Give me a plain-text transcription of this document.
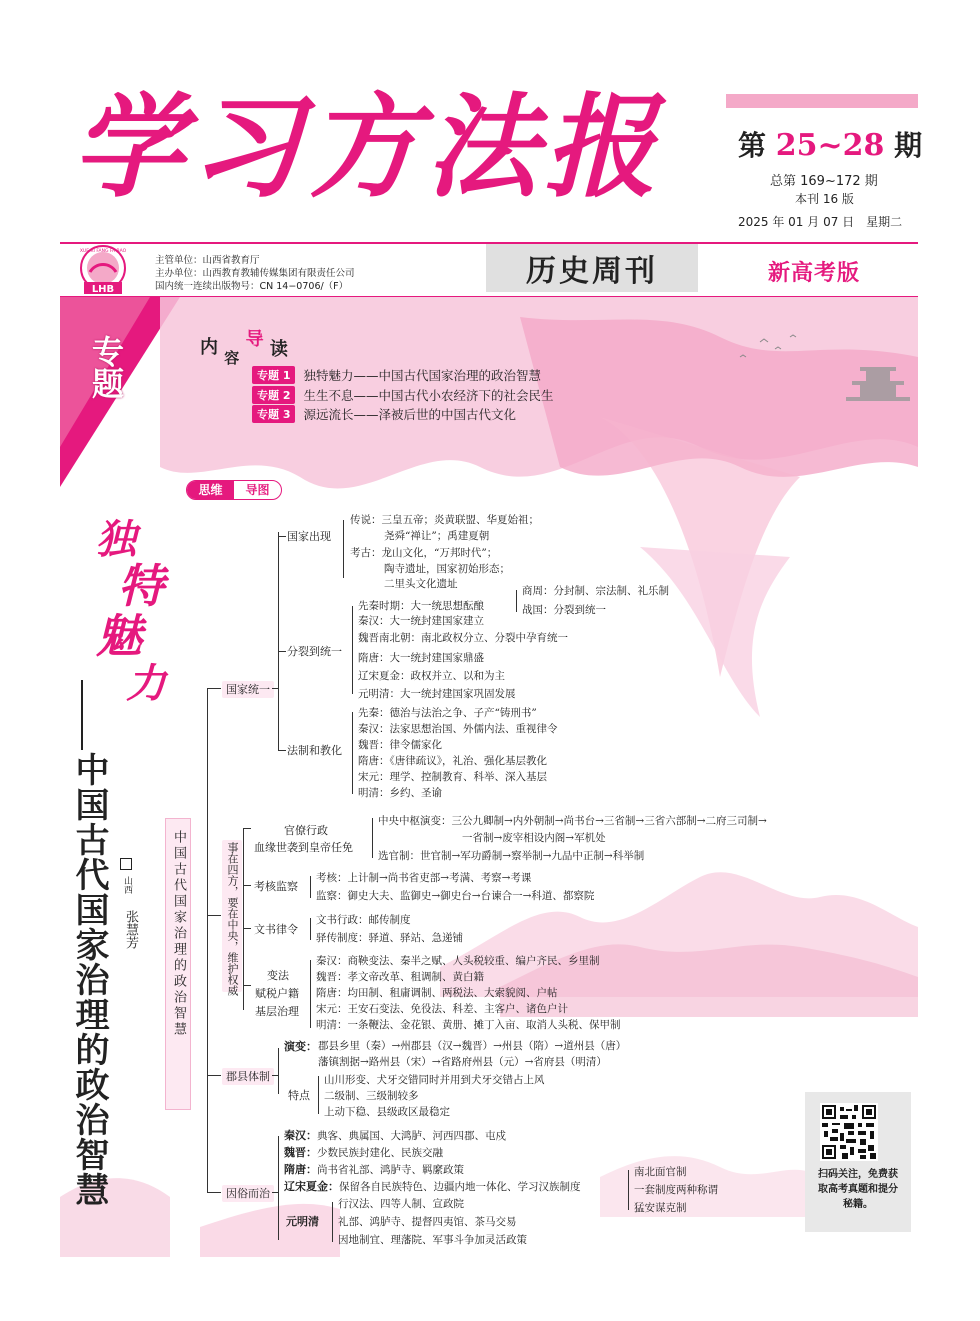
学习方法报	第 25~28 期
总第 169~172 期
本刊 16 版
2025 年 01 月 07 日　星期二
LHB
XUE XI FANG FA BAO
主管单位：山西省教育厅
主办单位：山西教育教辅传媒集团有限责任公司
国内统一连续出版物号：CN 14−0706/（F）	历史周刊	新高考版
专题
1
内 容 导 读
专题 1	独特魅力——中国古代国家治理的政治智慧
专题 2	生生不息——中国古代小农经济下的社会民生
专题 3	源远流长——泽被后世的中国古代文化
思维	导图
独
特
魅
力
中国古代国家治理的政治智慧 山西
张慧芳	中国古代国家治理的政治智慧
国家统一
国家出现
传说：三皇五帝；炎黄联盟、华夏始祖；
尧舜“禅让”；禹建夏朝
考古：龙山文化，“万邦时代”；
陶寺遗址，国家初始形态；
二里头文化遗址
分裂到统一
先秦时期：大一统思想酝酿
秦汉：大一统封建国家建立
魏晋南北朝：南北政权分立、分裂中孕育统一
隋唐：大一统封建国家鼎盛
辽宋夏金：政权并立、以和为主
元明清：大一统封建国家巩固发展
商周：分封制、宗法制、礼乐制
战国：分裂到统一
法制和教化
先秦：德治与法治之争、子产“铸刑书”
秦汉：法家思想治国、外儒内法、重视律令
魏晋：律令儒家化
隋唐：《唐律疏议》，礼治、强化基层教化
宋元：理学、控制教育、科举、深入基层
明清：乡约、圣谕
事在四方，要在中央，维护权威
官僚行政
血缘世袭到皇帝任免
中央中枢演变：三公九卿制→内外朝制→尚书台→三省制→三省六部制→二府三司制→
一省制→废宰相设内阁→军机处
选官制：世官制→军功爵制→察举制→九品中正制→科举制
考核监察
考核：上计制→尚书省吏部→考满、考察→考课
监察：御史大夫、监御史→御史台→台谏合一→科道、都察院
文书律令
文书行政：邮传制度
驿传制度：驿道、驿站、急递铺
变法
赋税户籍
基层治理
秦汉：商鞅变法、秦半之赋、人头税较重、编户齐民、乡里制
魏晋：孝文帝改革、租调制、黄白籍
隋唐：均田制、租庸调制、两税法、大索貌阅、户帖
宋元：王安石变法、免役法、科差、主客户、诸色户计
明清：一条鞭法、金花银、黄册、摊丁入亩、取消人头税、保甲制
郡县体制
演变： 郡县乡里（秦）→州郡县（汉→魏晋）→州县（隋）→道州县（唐）
藩镇割据→路州县（宋）→省路府州县（元）→省府县（明清）
特点
山川形变、犬牙交错同时并用到犬牙交错占上风
二级制、三级制较多
上动下稳、县级政区最稳定
因俗而治
秦汉：典客、典属国、大鸿胪、河西四郡、屯戍
魏晋：少数民族封建化、民族交融
隋唐：尚书省礼部、鸿胪寺、羁縻政策
辽宋夏金：保留各自民族特色、边疆内地一体化、学习汉族制度
南北面官制
一套制度两种称谓
猛安谋克制
元明清
行汉法、四等人制、宣政院
礼部、鸿胪寺、提督四夷馆、茶马交易
因地制宜、理藩院、军事斗争加灵活政策
扫码关注，免费获取高考真题和提分秘籍。
